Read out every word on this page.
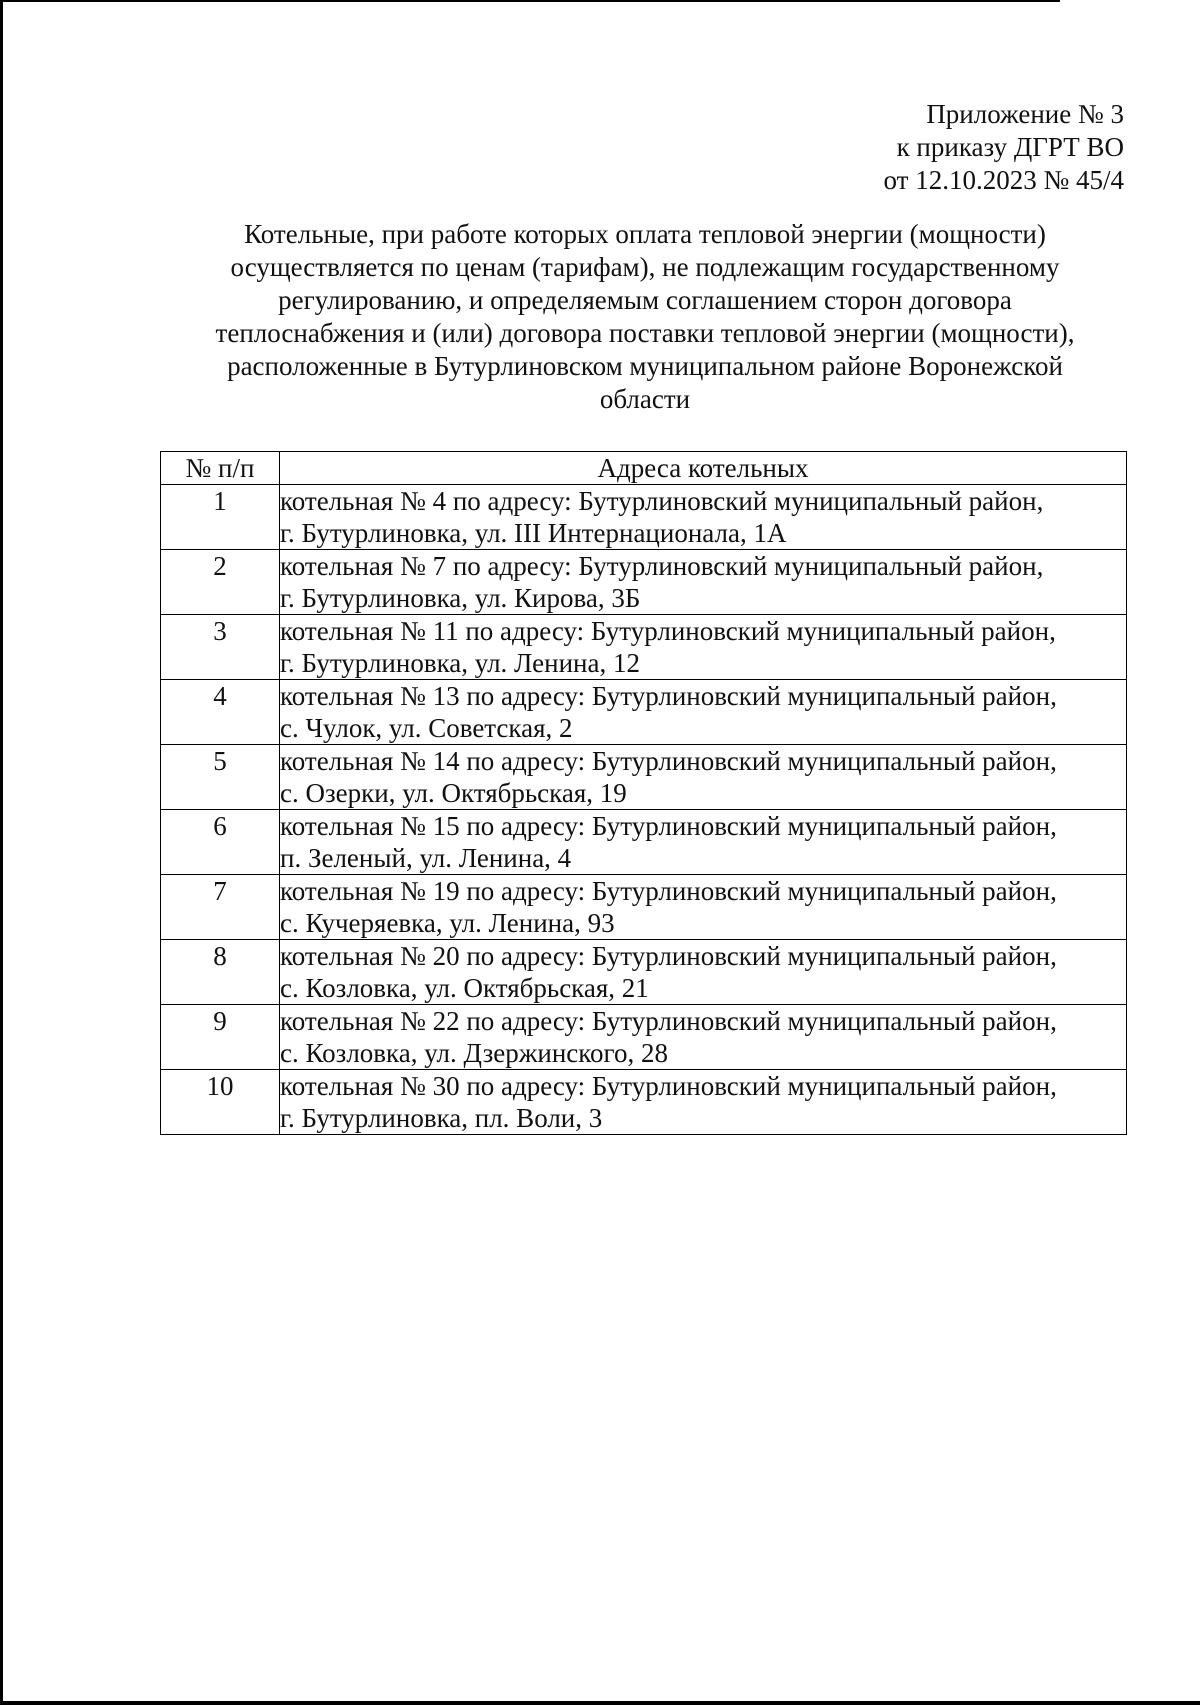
Приложение № 3
к приказу ДГРТ ВО
от 12.10.2023 № 45/4
Котельные, при работе которых оплата тепловой энергии (мощности)
осуществляется по ценам (тарифам), не подлежащим государственному
регулированию, и определяемым соглашением сторон договора
теплоснабжения и (или) договора поставки тепловой энергии (мощности),
расположенные в Бутурлиновском муниципальном районе Воронежской
области
№ п/п	Адреса котельных
1	котельная № 4 по адресу: Бутурлиновский муниципальный район,
г. Бутурлиновка, ул. III Интернационала, 1А

2	котельная № 7 по адресу: Бутурлиновский муниципальный район,
г. Бутурлиновка, ул. Кирова, 3Б

3	котельная № 11 по адресу: Бутурлиновский муниципальный район,
г. Бутурлиновка, ул. Ленина, 12

4	котельная № 13 по адресу: Бутурлиновский муниципальный район,
с. Чулок, ул. Советская, 2

5	котельная № 14 по адресу: Бутурлиновский муниципальный район,
с. Озерки, ул. Октябрьская, 19

6	котельная № 15 по адресу: Бутурлиновский муниципальный район,
п. Зеленый, ул. Ленина, 4

7	котельная № 19 по адресу: Бутурлиновский муниципальный район,
с. Кучеряевка, ул. Ленина, 93

8	котельная № 20 по адресу: Бутурлиновский муниципальный район,
с. Козловка, ул. Октябрьская, 21

9	котельная № 22 по адресу: Бутурлиновский муниципальный район,
с. Козловка, ул. Дзержинского, 28

10	котельная № 30 по адресу: Бутурлиновский муниципальный район,
г. Бутурлиновка, пл. Воли, 3
